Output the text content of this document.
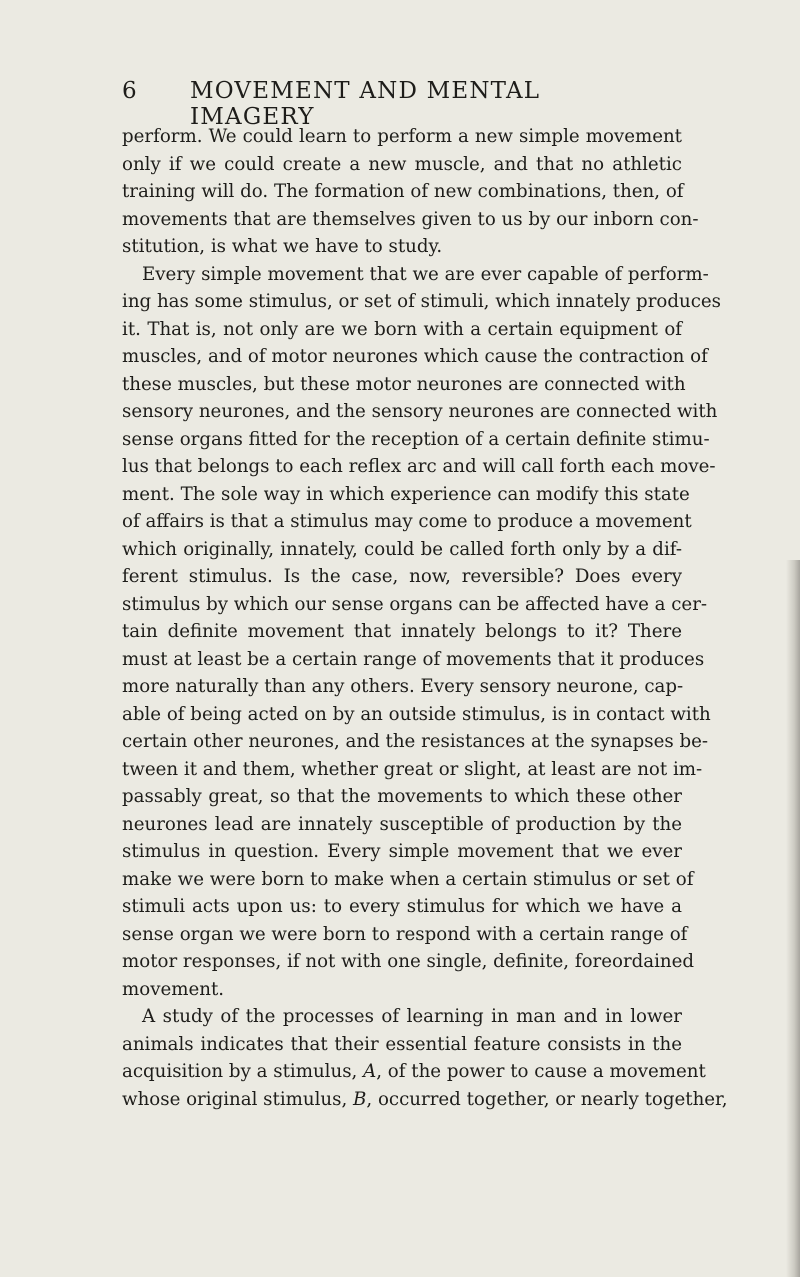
6 MOVEMENT AND MENTAL IMAGERY
perform. We could learn to perform a new simple movement
only if we could create a new muscle, and that no athletic
training will do. The formation of new combinations, then, of
movements that are themselves given to us by our inborn con-
stitution, is what we have to study.
Every simple movement that we are ever capable of perform-
ing has some stimulus, or set of stimuli, which innately produces
it. That is, not only are we born with a certain equipment of
muscles, and of motor neurones which cause the contraction of
these muscles, but these motor neurones are connected with
sensory neurones, and the sensory neurones are connected with
sense organs fitted for the reception of a certain definite stimu-
lus that belongs to each reflex arc and will call forth each move-
ment. The sole way in which experience can modify this state
of affairs is that a stimulus may come to produce a movement
which originally, innately, could be called forth only by a dif-
ferent stimulus. Is the case, now, reversible? Does every
stimulus by which our sense organs can be affected have a cer-
tain definite movement that innately belongs to it? There
must at least be a certain range of movements that it produces
more naturally than any others. Every sensory neurone, cap-
able of being acted on by an outside stimulus, is in contact with
certain other neurones, and the resistances at the synapses be-
tween it and them, whether great or slight, at least are not im-
passably great, so that the movements to which these other
neurones lead are innately susceptible of production by the
stimulus in question. Every simple movement that we ever
make we were born to make when a certain stimulus or set of
stimuli acts upon us: to every stimulus for which we have a
sense organ we were born to respond with a certain range of
motor responses, if not with one single, definite, foreordained
movement.
A study of the processes of learning in man and in lower
animals indicates that their essential feature consists in the
acquisition by a stimulus, A, of the power to cause a movement
whose original stimulus, B, occurred together, or nearly together,
